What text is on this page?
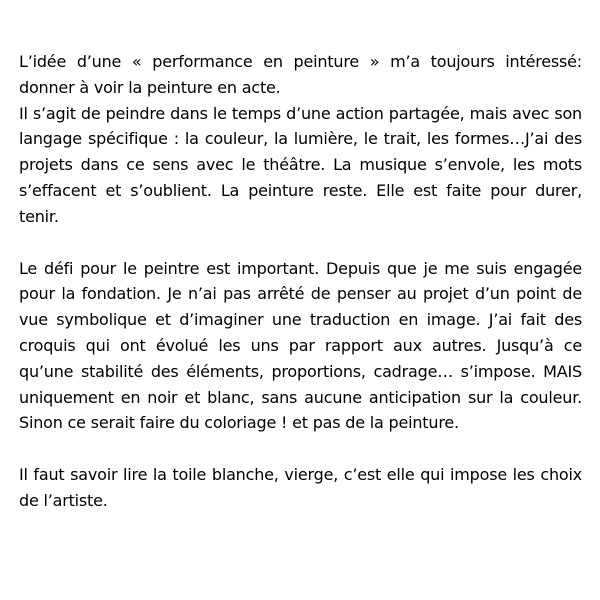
L’idée d’une « performance en peinture » m’a toujours intéressé: donner à voir la peinture en acte.
Il s’agit de peindre dans le temps d’une action partagée, mais avec son langage spécifique : la couleur, la lumière, le trait, les formes…J’ai des projets dans ce sens avec le théâtre. La musique s’envole, les mots s’effacent et s’oublient. La peinture reste. Elle est faite pour durer, tenir.

Le défi pour le peintre est important. Depuis que je me suis engagée pour la fondation. Je n’ai pas arrêté de penser au projet d’un point de vue symbolique et d’imaginer une traduction en image. J’ai fait des croquis qui ont évolué les uns par rapport aux autres. Jusqu’à ce qu’une stabilité des éléments, proportions, cadrage… s’impose. MAIS uniquement en noir et blanc, sans aucune anticipation sur la couleur. Sinon ce serait faire du coloriage ! et pas de la peinture.

Il faut savoir lire la toile blanche, vierge, c’est elle qui impose les choix de l’artiste.
